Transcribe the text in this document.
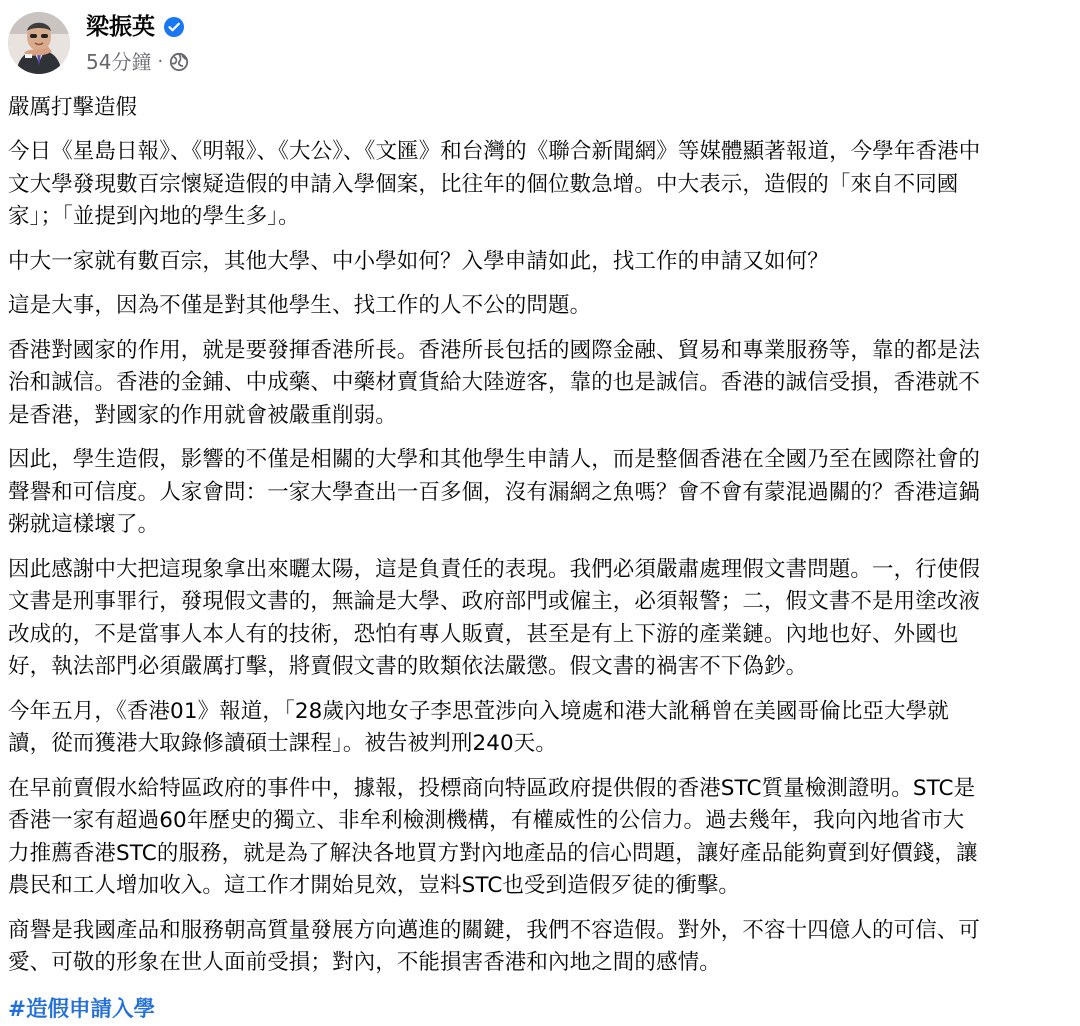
梁振英
54分鐘 ·
嚴厲打擊造假
今日《星島日報》、《明報》、《大公》、《文匯》和台灣的《聯合新聞網》等媒體顯著報道，今學年香港中
文大學發現數百宗懷疑造假的申請入學個案，比往年的個位數急增。中大表示，造假的「來自不同國
家」；「並提到內地的學生多」。
中大一家就有數百宗，其他大學、中小學如何？入學申請如此，找工作的申請又如何？
這是大事，因為不僅是對其他學生、找工作的人不公的問題。
香港對國家的作用，就是要發揮香港所長。香港所長包括的國際金融、貿易和專業服務等，靠的都是法
治和誠信。香港的金鋪、中成藥、中藥材賣貨給大陸遊客，靠的也是誠信。香港的誠信受損，香港就不
是香港，對國家的作用就會被嚴重削弱。
因此，學生造假，影響的不僅是相關的大學和其他學生申請人，而是整個香港在全國乃至在國際社會的
聲譽和可信度。人家會問：一家大學查出一百多個，沒有漏網之魚嗎？會不會有蒙混過關的？香港這鍋
粥就這樣壞了。
因此感謝中大把這現象拿出來曬太陽，這是負責任的表現。我們必須嚴肅處理假文書問題。一，行使假
文書是刑事罪行，發現假文書的，無論是大學、政府部門或僱主，必須報警；二，假文書不是用塗改液
改成的，不是當事人本人有的技術，恐怕有專人販賣，甚至是有上下游的產業鏈。內地也好、外國也
好，執法部門必須嚴厲打擊，將賣假文書的敗類依法嚴懲。假文書的禍害不下偽鈔。
今年五月，《香港01》報道，「28歲內地女子李思萓涉向入境處和港大訛稱曾在美國哥倫比亞大學就
讀，從而獲港大取錄修讀碩士課程」。被告被判刑240天。
在早前賣假水給特區政府的事件中，據報，投標商向特區政府提供假的香港STC質量檢測證明。STC是
香港一家有超過60年歷史的獨立、非牟利檢測機構，有權威性的公信力。過去幾年，我向內地省市大
力推薦香港STC的服務，就是為了解決各地買方對內地產品的信心問題，讓好產品能夠賣到好價錢，讓
農民和工人增加收入。這工作才開始見效，豈料STC也受到造假歹徒的衝擊。
商譽是我國產品和服務朝高質量發展方向邁進的關鍵，我們不容造假。對外，不容十四億人的可信、可
愛、可敬的形象在世人面前受損；對內，不能損害香港和內地之間的感情。
#造假申請入學
